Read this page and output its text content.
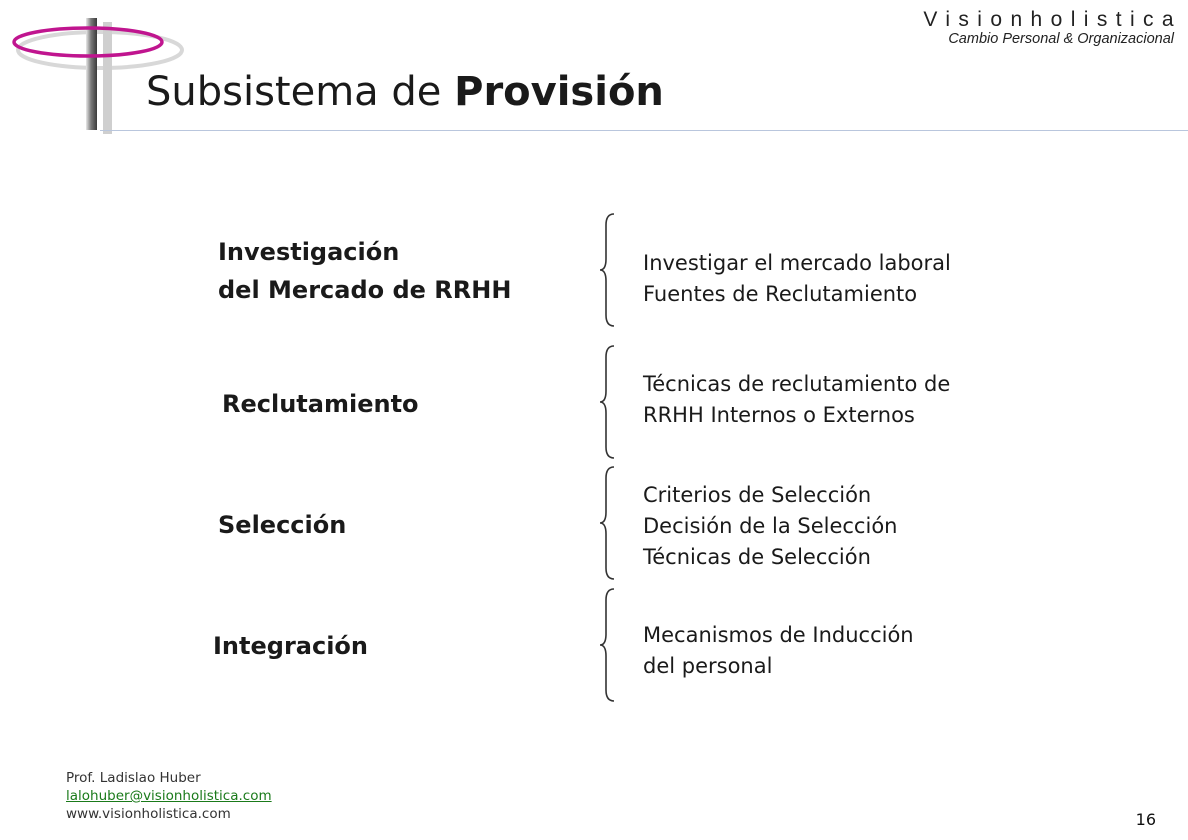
Subsistema de Provisión
Visionholistica
Cambio Personal & Organizacional
Investigación
del Mercado de RRHH
Investigar el mercado laboral
Fuentes de Reclutamiento
Reclutamiento
Técnicas de reclutamiento de
RRHH Internos o Externos
Selección
Criterios de Selección
Decisión de la Selección
Técnicas de Selección
Integración	Mecanismos de Inducción
del personal
Prof. Ladislao Huber
lalohuber@visionholistica.com
www.visionholistica.com	16
